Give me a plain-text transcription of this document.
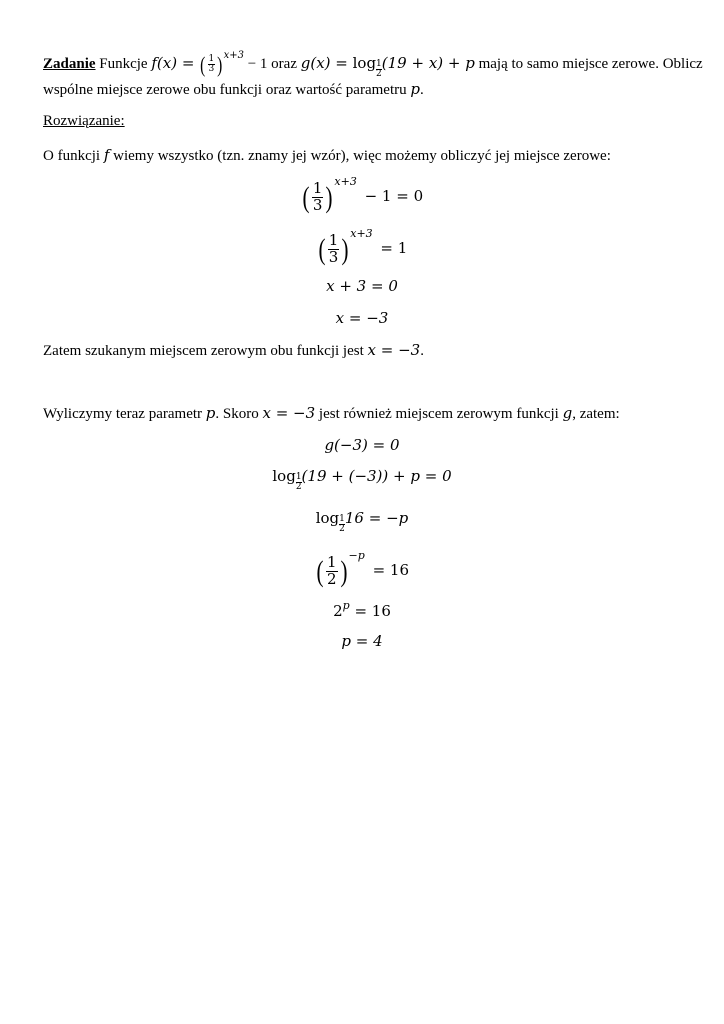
Zadanie Funkcje f(x) = ( $\frac{1}{3} )^{x+3} - 1$ oraz $g(x) = \log \frac{1}{2} (19 + x) + p$ mają to samo miejsce zerowe. Oblicz
wspólne miejsce zerowe obu funkcji oraz wartość parametru p.
Rozwiązanie:
O funkcji f wiemy wszystko (tzn. znamy jej wzór), więc możemy obliczyć jej miejsce zerowe:
( $\frac{1}{3}$ ) $^{x+3}$ − 1 = 0
( $\frac{1}{3}$ ) $^{x+3}$ = 1
x + 3 = 0
x = −3
Zatem szukanym miejscem zerowym obu funkcji jest x = −3.
Wyliczymy teraz parametr p. Skoro x = −3 jest również miejscem zerowym funkcji g, zatem:
g(−3) = 0
$\log \frac{1}{2} (19 + (-3)) + p = 0$
$\log \frac{1}{2} 16 = -p$
( $\frac{1}{2}$ ) $^{-p}$ = 16
$2^p = 16$
p = 4
